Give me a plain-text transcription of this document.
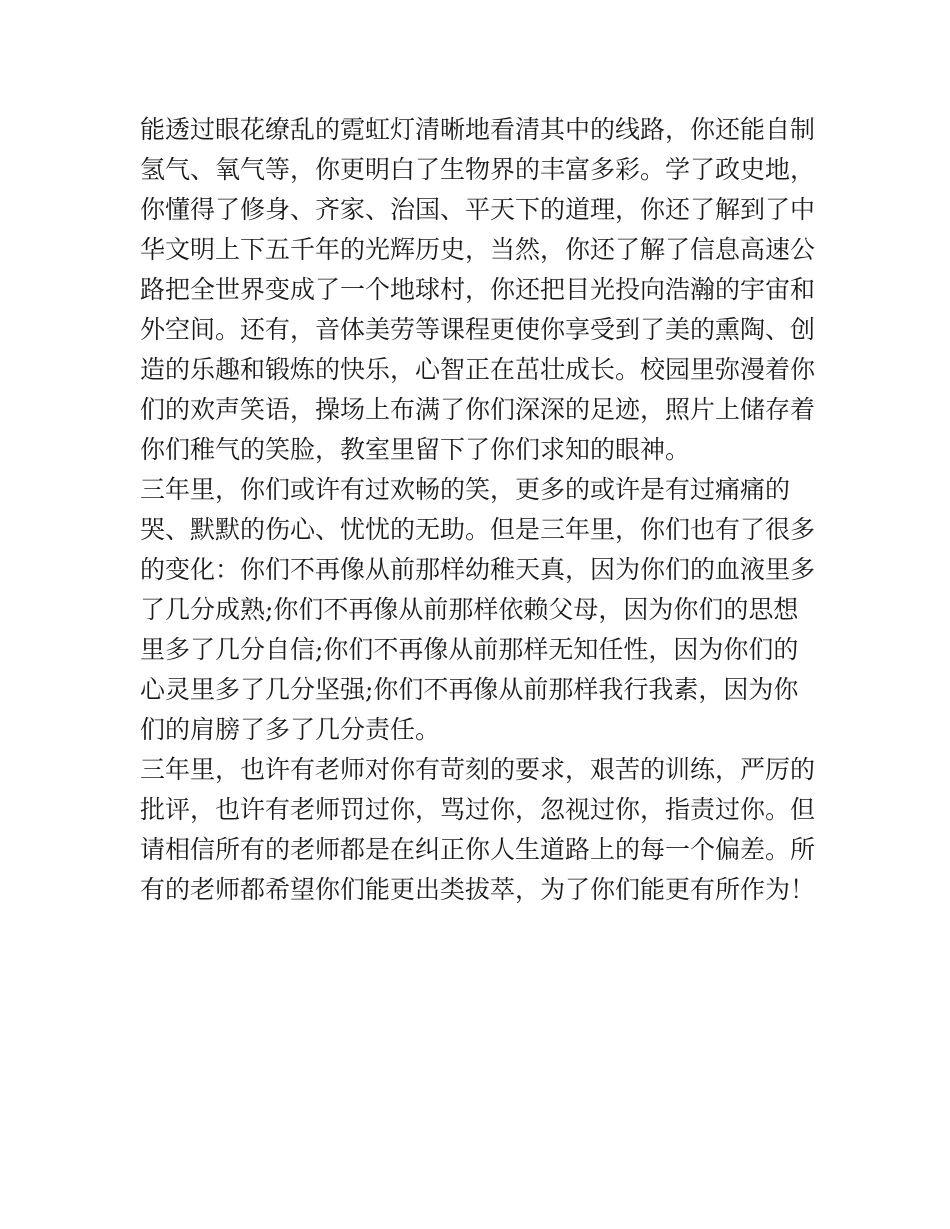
能透过眼花缭乱的霓虹灯清晰地看清其中的线路，你还能自制
氢气、氧气等，你更明白了生物界的丰富多彩。学了政史地，
你懂得了修身、齐家、治国、平天下的道理，你还了解到了中
华文明上下五千年的光辉历史，当然，你还了解了信息高速公
路把全世界变成了一个地球村，你还把目光投向浩瀚的宇宙和
外空间。还有，音体美劳等课程更使你享受到了美的熏陶、创
造的乐趣和锻炼的快乐，心智正在茁壮成长。校园里弥漫着你
们的欢声笑语，操场上布满了你们深深的足迹，照片上储存着
你们稚气的笑脸，教室里留下了你们求知的眼神。
三年里，你们或许有过欢畅的笑，更多的或许是有过痛痛的
哭、默默的伤心、忧忧的无助。但是三年里，你们也有了很多
的变化：你们不再像从前那样幼稚天真，因为你们的血液里多
了几分成熟;你们不再像从前那样依赖父母，因为你们的思想
里多了几分自信;你们不再像从前那样无知任性，因为你们的
心灵里多了几分坚强;你们不再像从前那样我行我素，因为你
们的肩膀了多了几分责任。
三年里，也许有老师对你有苛刻的要求，艰苦的训练，严厉的
批评，也许有老师罚过你，骂过你，忽视过你，指责过你。但
请相信所有的老师都是在纠正你人生道路上的每一个偏差。所
有的老师都希望你们能更出类拔萃，为了你们能更有所作为！
